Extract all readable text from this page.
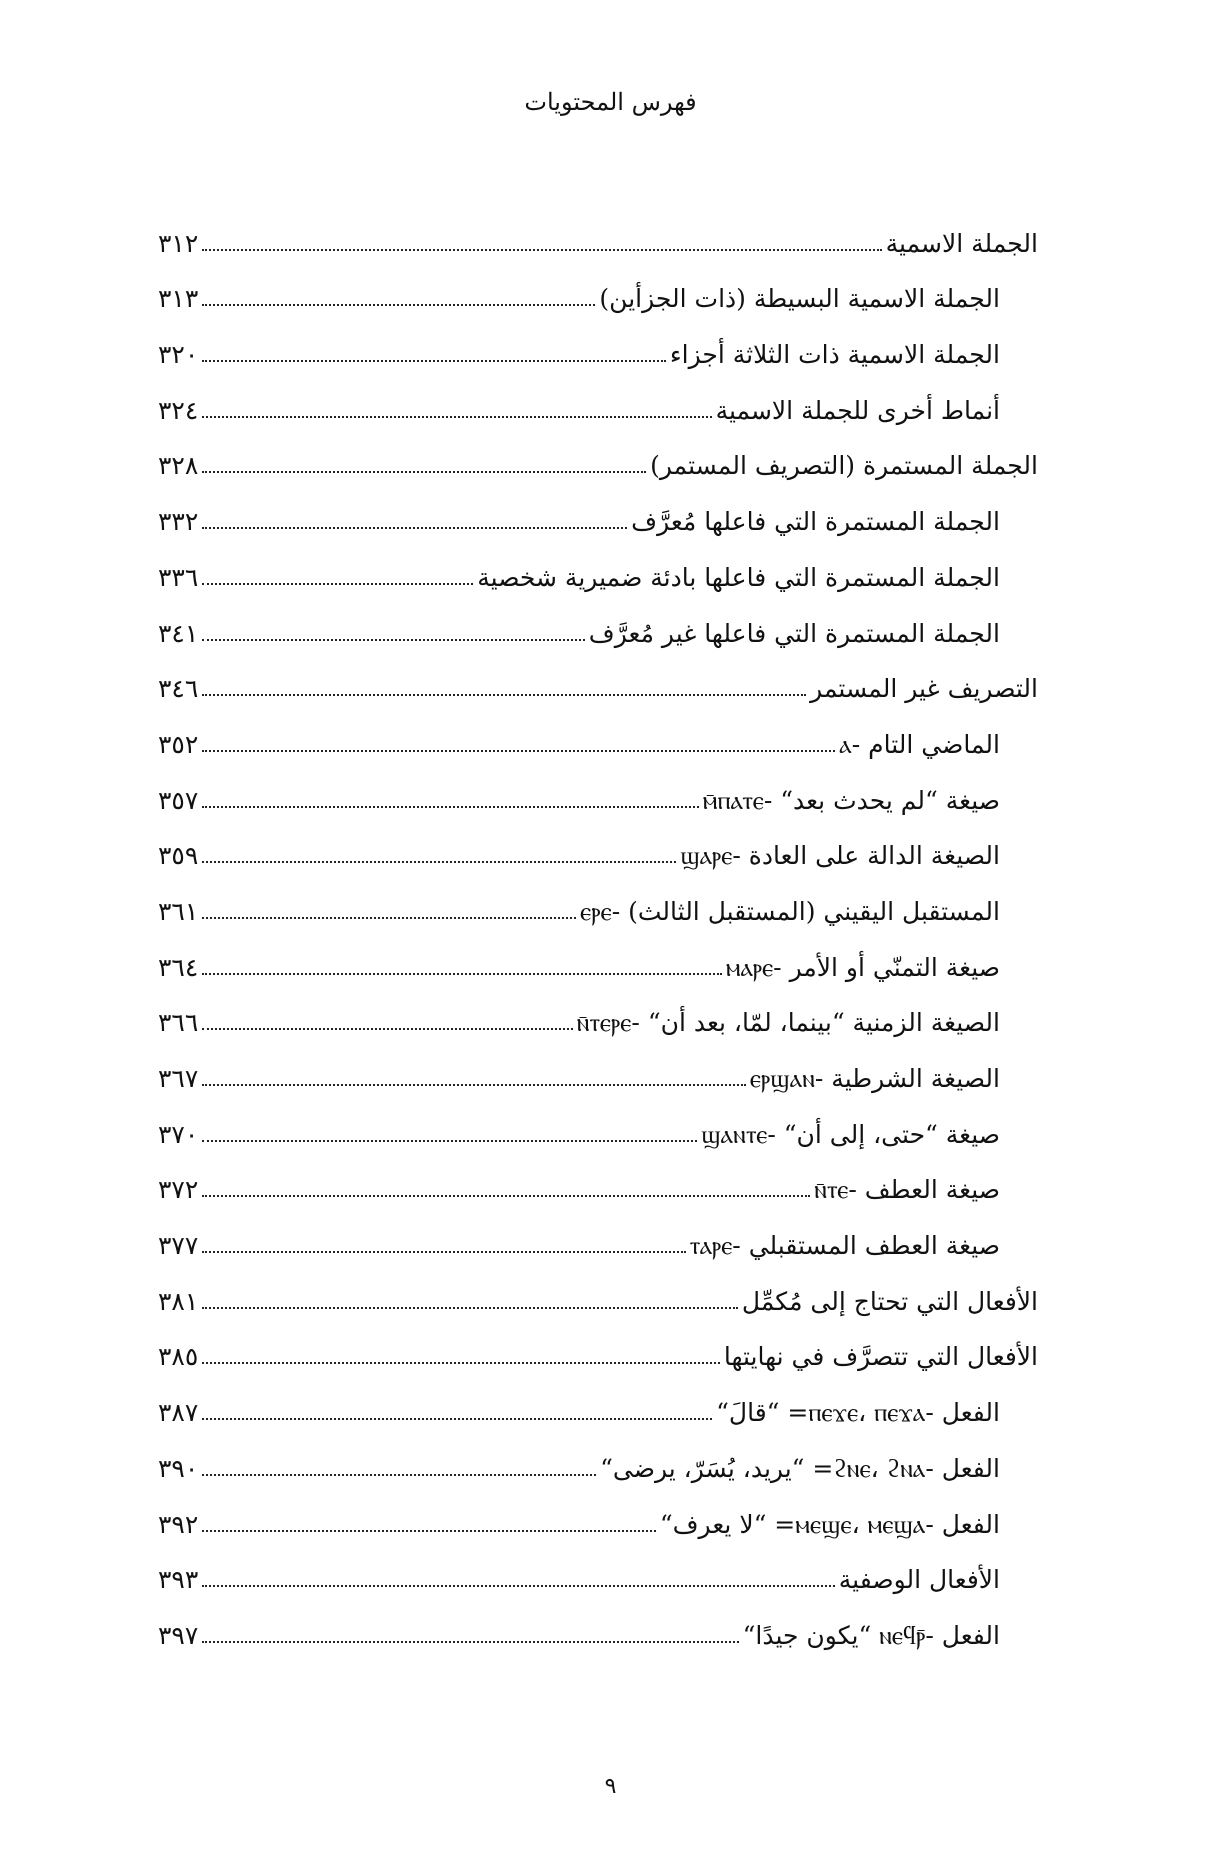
فهرس المحتويات
الجملة الاسمية
٣١٢
الجملة الاسمية البسيطة (ذات الجزأين)
٣١٣
الجملة الاسمية ذات الثلاثة أجزاء
٣٢٠
أنماط أخرى للجملة الاسمية
٣٢٤
الجملة المستمرة (التصريف المستمر)
٣٢٨
الجملة المستمرة التي فاعلها مُعرَّف
٣٣٢
الجملة المستمرة التي فاعلها بادئة ضميرية شخصية
٣٣٦
الجملة المستمرة التي فاعلها غير مُعرَّف
٣٤١
التصريف غير المستمر
٣٤٦
الماضي التام -ⲁ
٣٥٢
صيغة “لم يحدث بعد“ -ⲙ̄ⲡⲁⲧⲉ
٣٥٧
الصيغة الدالة على العادة -ϣⲁⲣⲉ
٣٥٩
المستقبل اليقيني (المستقبل الثالث) -ⲉⲣⲉ
٣٦١
صيغة التمنّي أو الأمر -ⲙⲁⲣⲉ
٣٦٤
الصيغة الزمنية “بينما، لمّا، بعد أن“ -ⲛ̄ⲧⲉⲣⲉ
٣٦٦
الصيغة الشرطية -ⲉⲣϣⲁⲛ
٣٦٧
صيغة “حتى، إلى أن“ -ϣⲁⲛⲧⲉ
٣٧٠
صيغة العطف -ⲛ̄ⲧⲉ
٣٧٢
صيغة العطف المستقبلي -ⲧⲁⲣⲉ
٣٧٧
الأفعال التي تحتاج إلى مُكمِّل
٣٨١
الأفعال التي تتصرَّف في نهايتها
٣٨٥
الفعل -ⲡⲉϫⲉ، ⲡⲉϫⲁ= “قالَ“
٣٨٧
الفعل -ϩⲛⲉ، ϩⲛⲁ= “يريد، يُسَرّ، يرضى“
٣٩٠
الفعل -ⲙⲉϣⲉ، ⲙⲉϣⲁ= “لا يعرف“
٣٩٢
الأفعال الوصفية
٣٩٣
الفعل -ⲛⲉϥⲣ̄ “يكون جيدًا“
٣٩٧
٩
